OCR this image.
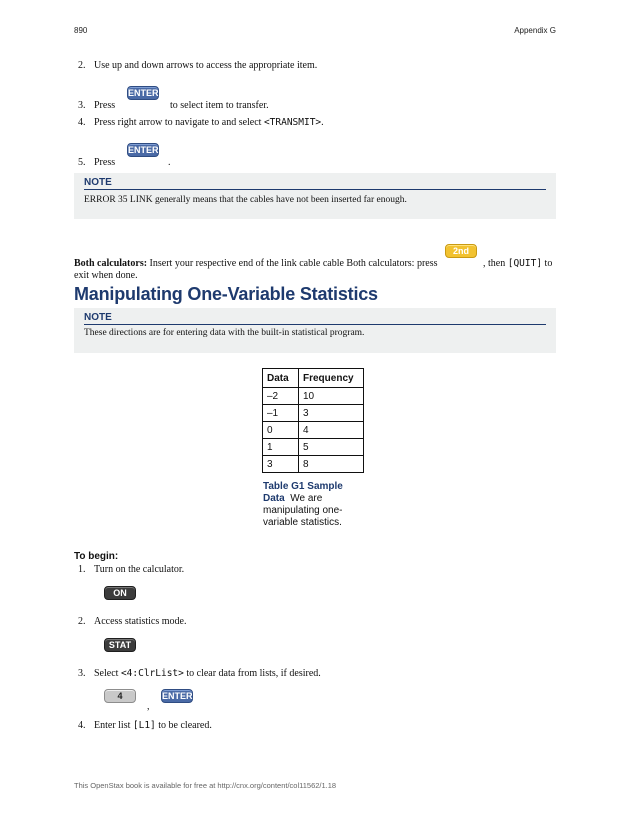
890	Appendix G
2. Use up and down arrows to access the appropriate item.
ENTER
3. Press	to select item to transfer.
4. Press right arrow to navigate to and select <TRANSMIT>.
ENTER
5. Press	.
NOTE
ERROR 35 LINK generally means that the cables have not been inserted far enough.
2nd
Both calculators: Insert your respective end of the link cable cable Both calculators: press	, then [QUIT] to
exit when done.
Manipulating One-Variable Statistics
NOTE
These directions are for entering data with the built-in statistical program.
Data	Frequency
–2	10
–1	3
0	4
1	5
3	8
Table G1 Sample Data We are manipulating one-variable statistics.
To begin:
1. Turn on the calculator.
ON
2. Access statistics mode.
STAT
3. Select <4:ClrList> to clear data from lists, if desired.
4	ENTER
,
4. Enter list [L1] to be cleared.
This OpenStax book is available for free at http://cnx.org/content/col11562/1.18
